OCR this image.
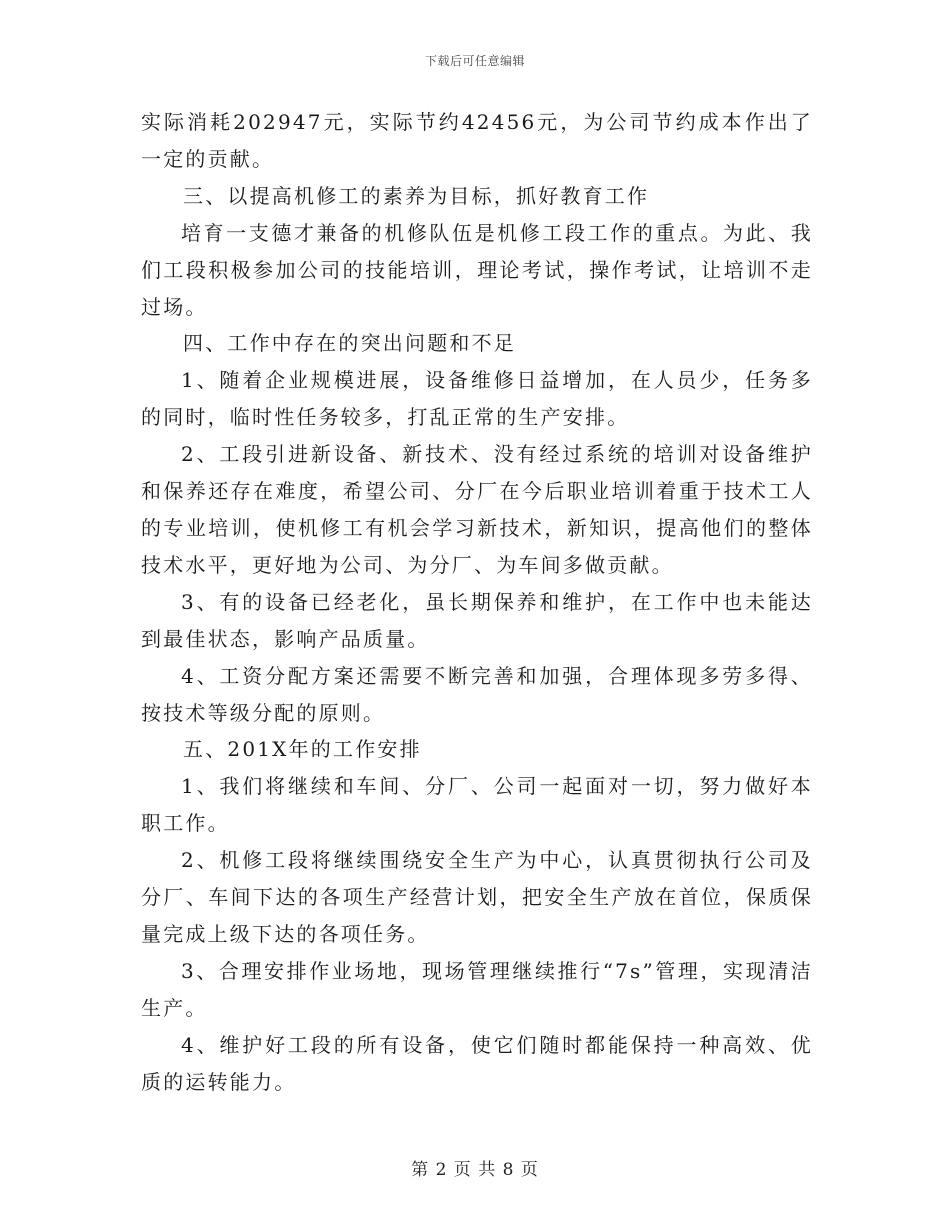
下载后可任意编辑

实际消耗202947元，实际节约42456元，为公司节约成本作出了一定的贡献。

三、以提高机修工的素养为目标，抓好教育工作

培育一支德才兼备的机修队伍是机修工段工作的重点。为此、我们工段积极参加公司的技能培训，理论考试，操作考试，让培训不走过场。

四、工作中存在的突出问题和不足

1、随着企业规模进展，设备维修日益增加，在人员少，任务多的同时，临时性任务较多，打乱正常的生产安排。

2、工段引进新设备、新技术、没有经过系统的培训对设备维护和保养还存在难度，希望公司、分厂在今后职业培训着重于技术工人的专业培训，使机修工有机会学习新技术，新知识，提高他们的整体技术水平，更好地为公司、为分厂、为车间多做贡献。

3、有的设备已经老化，虽长期保养和维护，在工作中也未能达到最佳状态，影响产品质量。

4、工资分配方案还需要不断完善和加强，合理体现多劳多得、按技术等级分配的原则。

五、201X年的工作安排

1、我们将继续和车间、分厂、公司一起面对一切，努力做好本职工作。

2、机修工段将继续围绕安全生产为中心，认真贯彻执行公司及分厂、车间下达的各项生产经营计划，把安全生产放在首位，保质保量完成上级下达的各项任务。

3、合理安排作业场地，现场管理继续推行“7s”管理，实现清洁生产。

4、维护好工段的所有设备，使它们随时都能保持一种高效、优质的运转能力。

第 2 页 共 8 页
